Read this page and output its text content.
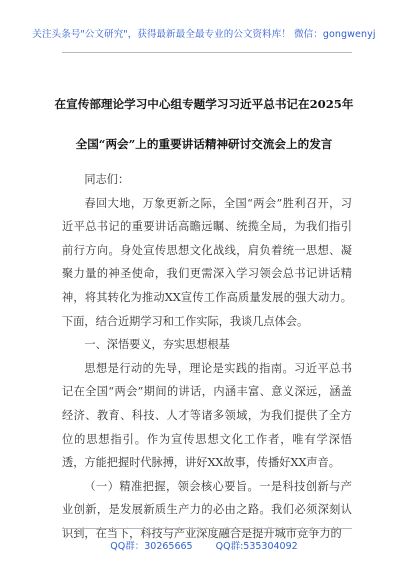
关注头条号"公文研究"，获得最新最全最专业的公文资料库！ 微信：gongwenyj
在宣传部理论学习中心组专题学习习近平总书记在2025年
全国“两会”上的重要讲话精神研讨交流会上的发言

同志们：

春回大地，万象更新之际，全国“两会”胜利召开，习近平总书记的重要讲话高瞻远瞩、统揽全局，为我们指引前行方向。身处宣传思想文化战线，肩负着统一思想、凝聚力量的神圣使命，我们更需深入学习领会总书记讲话精神，将其转化为推动XX宣传工作高质量发展的强大动力。下面，结合近期学习和工作实际，我谈几点体会。

一、深悟要义，夯实思想根基

思想是行动的先导，理论是实践的指南。习近平总书记在全国“两会”期间的讲话，内涵丰富、意义深远，涵盖经济、教育、科技、人才等诸多领域，为我们提供了全方位的思想指引。作为宣传思想文化工作者，唯有学深悟透，方能把握时代脉搏，讲好XX故事，传播好XX声音。

（一）精准把握，领会核心要旨。一是科技创新与产业创新，是发展新质生产力的必由之路。我们必须深刻认识到，在当下，科技与产业深度融合是提升城市竞争力的

QQ群：30265665 QQ群:535304092
